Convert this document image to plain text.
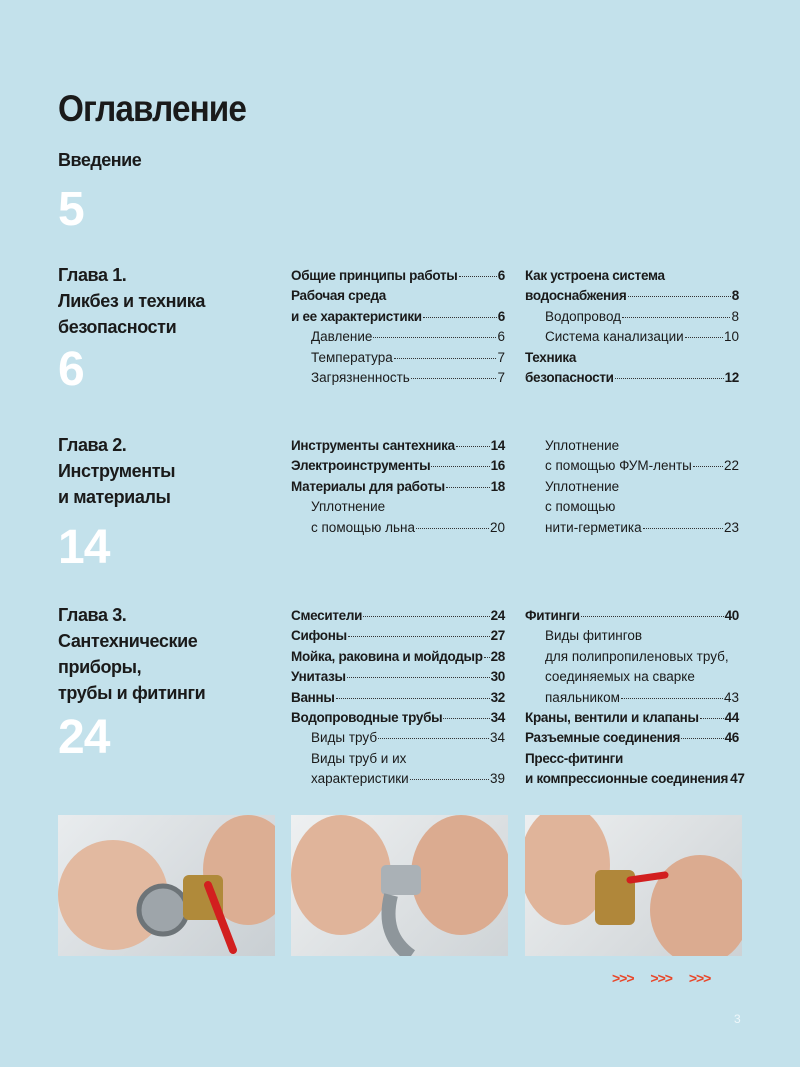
Оглавление
Введение
5
Глава 1.
Ликбез и техника
безопасности
6
Общие принципы работы	6
Рабочая среда
и ее характеристики	6
Давление	6
Температура	7
Загрязненность	7
Как устроена система
водоснабжения	8
Водопровод	8
Система канализации	10
Техника
безопасности	12
Глава 2.
Инструменты
и материалы
14
Инструменты сантехника	14
Электроинструменты	16
Материалы для работы	18
Уплотнение
с помощью льна	20
Уплотнение
с помощью ФУМ-ленты 22
Уплотнение
с помощью
нити-герметика	23
Глава 3.
Сантехнические
приборы,
трубы и фитинги
24
Смесители	24
Сифоны	27
Мойка, раковина и мойдодыр 28
Унитазы	30
Ванны	32
Водопроводные трубы	34
Виды труб	34
Виды труб и их
характеристики	39
Фитинги	40
Виды фитингов
для полипропиленовых труб,
соединяемых на сварке
паяльником	43
Краны, вентили и клапаны 44
Разъемные соединения	46
Пресс-фитинги
и компрессионные соединения 47
>>> >>> >>>
3
